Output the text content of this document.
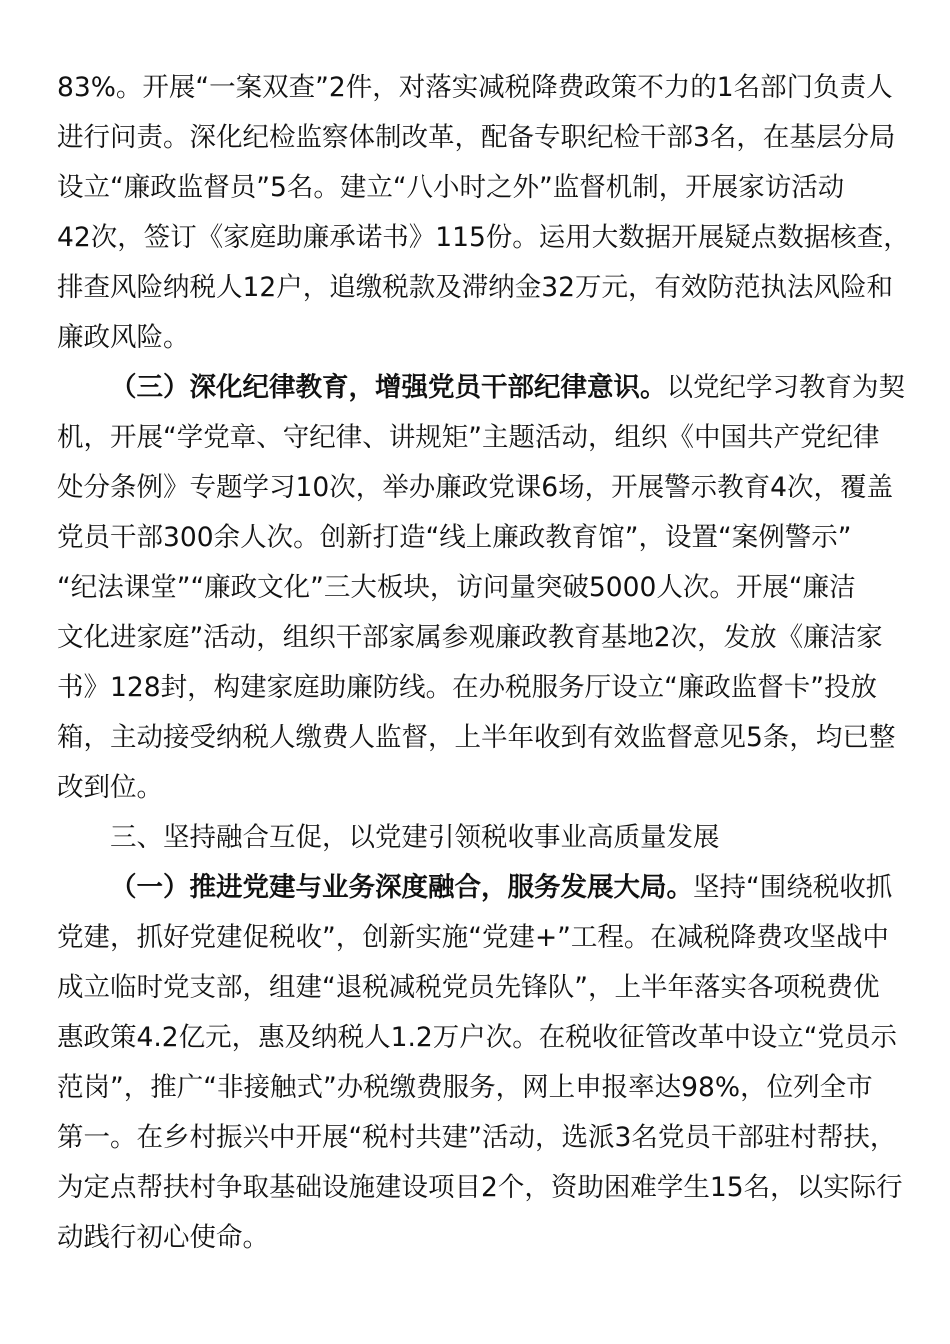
83%。开展“一案双查”2件，对落实减税降费政策不力的1名部门负责人
进行问责。深化纪检监察体制改革，配备专职纪检干部3名，在基层分局
设立“廉政监督员”5名。建立“八小时之外”监督机制，开展家访活动
42次，签订《家庭助廉承诺书》115份。运用大数据开展疑点数据核查，
排查风险纳税人12户，追缴税款及滞纳金32万元，有效防范执法风险和
廉政风险。
（三）深化纪律教育，增强党员干部纪律意识。以党纪学习教育为契
机，开展“学党章、守纪律、讲规矩”主题活动，组织《中国共产党纪律
处分条例》专题学习10次，举办廉政党课6场，开展警示教育4次，覆盖
党员干部300余人次。创新打造“线上廉政教育馆”，设置“案例警示”
“纪法课堂”“廉政文化”三大板块，访问量突破5000人次。开展“廉洁
文化进家庭”活动，组织干部家属参观廉政教育基地2次，发放《廉洁家
书》128封，构建家庭助廉防线。在办税服务厅设立“廉政监督卡”投放
箱，主动接受纳税人缴费人监督，上半年收到有效监督意见5条，均已整
改到位。
三、坚持融合互促，以党建引领税收事业高质量发展
（一）推进党建与业务深度融合，服务发展大局。坚持“围绕税收抓
党建，抓好党建促税收”，创新实施“党建+”工程。在减税降费攻坚战中
成立临时党支部，组建“退税减税党员先锋队”，上半年落实各项税费优
惠政策4.2亿元，惠及纳税人1.2万户次。在税收征管改革中设立“党员示
范岗”，推广“非接触式”办税缴费服务，网上申报率达98%，位列全市
第一。在乡村振兴中开展“税村共建”活动，选派3名党员干部驻村帮扶，
为定点帮扶村争取基础设施建设项目2个，资助困难学生15名，以实际行
动践行初心使命。
